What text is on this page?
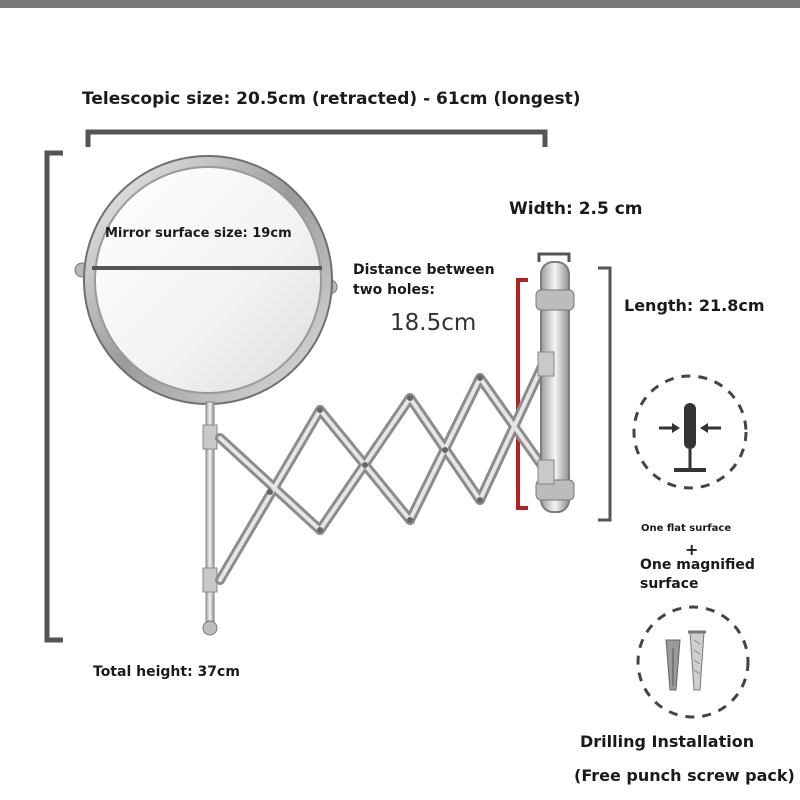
Telescopic size: 20.5cm (retracted) - 61cm (longest)
Mirror surface size: 19cm
Width: 2.5 cm
Distance between
two holes:
18.5cm
Length: 21.8cm
Total height: 37cm
One flat surface
+
One magnified
surface
Drilling Installation
(Free punch screw pack)
